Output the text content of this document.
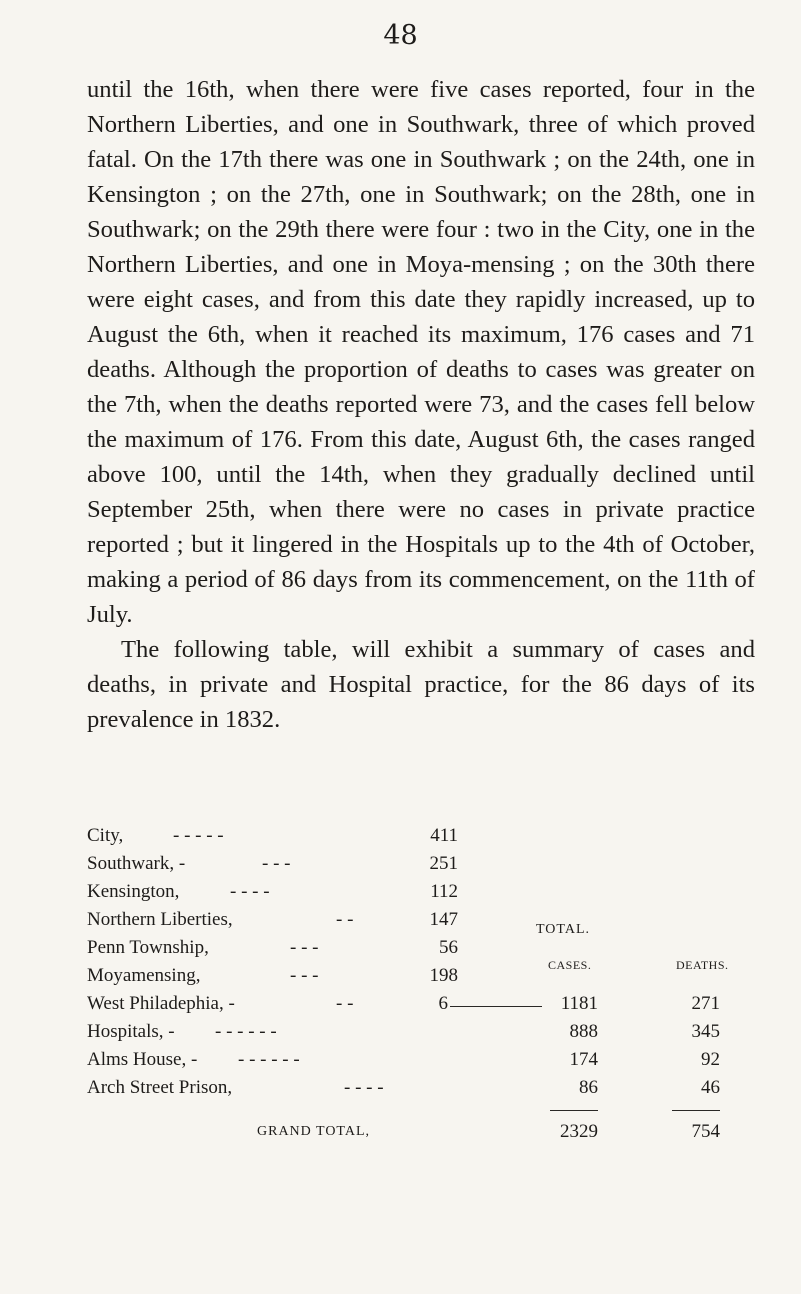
48

until the 16th, when there were five cases reported, four in the Northern Liberties, and one in Southwark, three of which proved fatal. On the 17th there was one in Southwark ; on the 24th, one in Kensington ; on the 27th, one in Southwark; on the 28th, one in Southwark; on the 29th there were four : two in the City, one in the Northern Liberties, and one in Moya-mensing ; on the 30th there were eight cases, and from this date they rapidly increased, up to August the 6th, when it reached its maximum, 176 cases and 71 deaths. Although the proportion of deaths to cases was greater on the 7th, when the deaths reported were 73, and the cases fell below the maximum of 176. From this date, August 6th, the cases ranged above 100, until the 14th, when they gradually declined until September 25th, when there were no cases in private practice reported ; but it lingered in the Hospitals up to the 4th of October, making a period of 86 days from its commencement, on the 11th of July.

The following table, will exhibit a summary of cases and deaths, in private and Hospital practice, for the 86 days of its prevalence in 1832.

TOTAL.
CASES.	DEATHS.
City,	- - - - -	411
Southwark, -	- - -	251
Kensington,	- - - -	112
Northern Liberties,	- -	147
Penn Township,	- - -	56
Moyamensing,	- - -	198
West Philadephia, -	- -	6	1181	271
Hospitals, - - - - - - -	888	345
Alms House, - - - - - - -	174	92
Arch Street Prison,	- - - -	86	46
GRAND TOTAL,	2329	754
